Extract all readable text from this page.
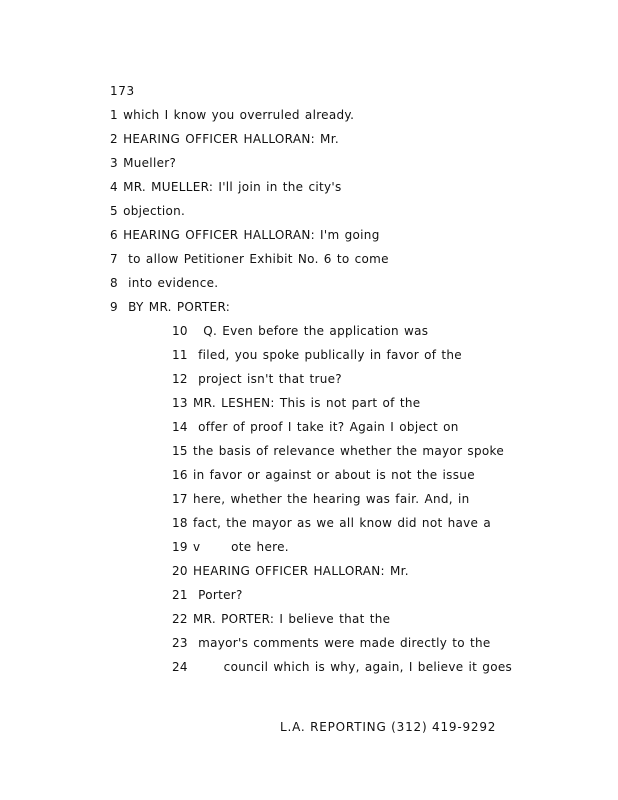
173
1 which I know you overruled already.
2 HEARING OFFICER HALLORAN: Mr.
3 Mueller?
4 MR. MUELLER: I'll join in the city's
5 objection.
6 HEARING OFFICER HALLORAN: I'm going
7 to allow Petitioner Exhibit No. 6 to come
8 into evidence.
9 BY MR. PORTER:
10 Q. Even before the application was
11 filed, you spoke publically in favor of the
12 project isn't that true?
13 MR. LESHEN: This is not part of the
14 offer of proof I take it? Again I object on
15 the basis of relevance whether the mayor spoke
16 in favor or against or about is not the issue
17 here, whether the hearing was fair. And, in
18 fact, the mayor as we all know did not have a
19 v      ote here.
20 HEARING OFFICER HALLORAN: Mr.
21 Porter?
22 MR. PORTER: I believe that the
23 mayor's comments were made directly to the
24       council which is why, again, I believe it goes
L.A. REPORTING (312) 419-9292
